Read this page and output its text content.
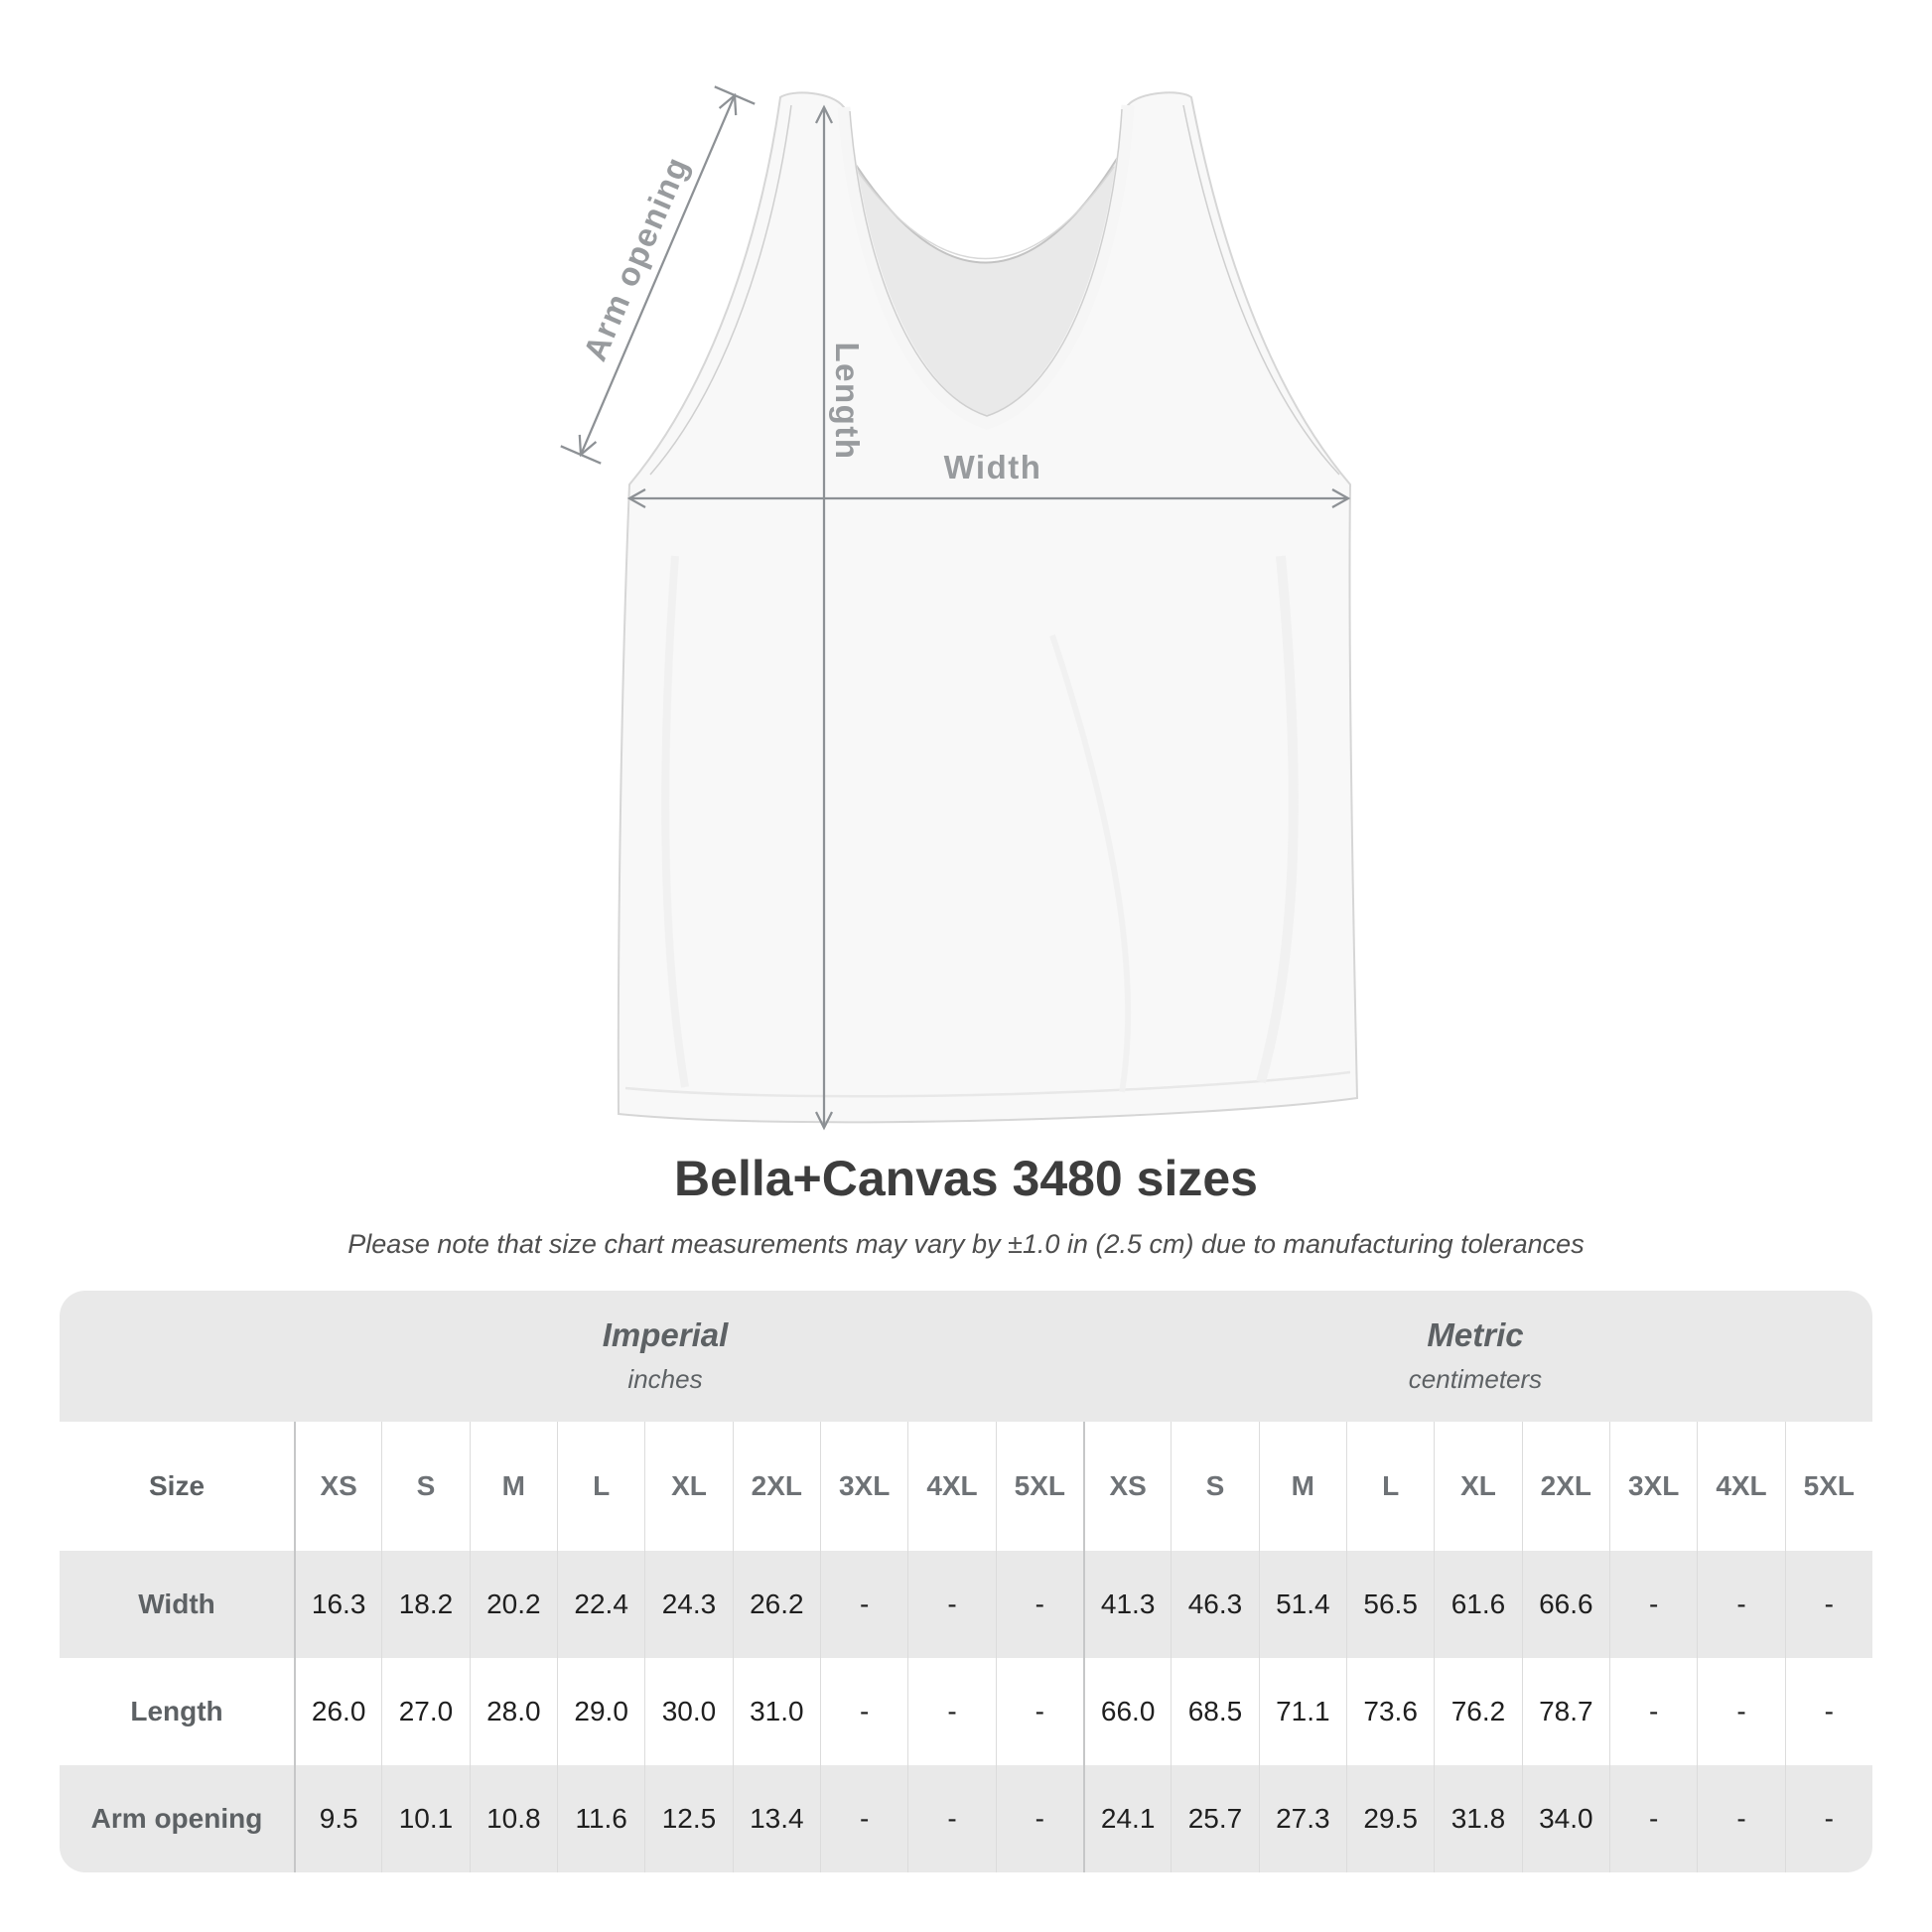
Arm opening
Length
Width
Bella+Canvas 3480 sizes

Please note that size chart measurements may vary by ±1.0 in (2.5 cm) due to manufacturing tolerances

Imperial

inches

Metric

centimeters

Size	XS	S	M	L	XL	2XL	3XL	4XL	5XL	XS	S	M	L	XL	2XL	3XL	4XL	5XL
Width	16.3	18.2	20.2	22.4	24.3	26.2	-	-	-	41.3	46.3	51.4	56.5	61.6	66.6	-	-	-
Length	26.0	27.0	28.0	29.0	30.0	31.0	-	-	-	66.0	68.5	71.1	73.6	76.2	78.7	-	-	-
Arm opening	9.5	10.1	10.8	11.6	12.5	13.4	-	-	-	24.1	25.7	27.3	29.5	31.8	34.0	-	-	-
